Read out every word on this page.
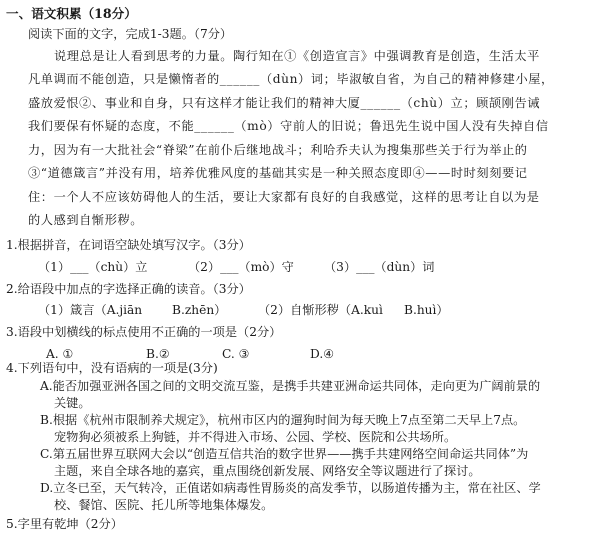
一、语文积累（18分）
阅读下面的文字，完成1-3题。（7分）
说理总是让人看到思考的力量。陶行知在①《创造宣言》中强调教育是创造，生活太平
凡单调而不能创造，只是懒惰者的______（dùn）词；毕淑敏自省，为自己的精神修建小屋，
盛放爱恨②、事业和自身，只有这样才能让我们的精神大厦______（chù）立；顾颉刚告诫
我们要保有怀疑的态度，不能______（mò）守前人的旧说；鲁迅先生说中国人没有失掉自信
力，因为有一大批社会“脊梁”在前仆后继地战斗；利哈乔夫认为搜集那些关于行为举止的
③“道德箴言”并没有用，培养优雅风度的基础其实是一种关照态度即④——时时刻刻要记
住：一个人不应该妨碍他人的生活，要让大家都有良好的自我感觉，这样的思考让自以为是
的人感到自惭形秽。
1.根据拼音，在词语空缺处填写汉字。（3分）
（1）___（chù）立	（2）___（mò）守 （3）___（dùn）词
2.给语段中加点的字选择正确的读音。（3分）
（1）箴言（A.jiān B.zhēn）	（2）自惭形秽（A.kuì B.huì）
3.语段中划横线的标点使用不正确的一项是（2分）
A. ①	B.②	C. ③	D.④
4.下列语句中，没有语病的一项是(3分)
A.能否加强亚洲各国之间的文明交流互鉴，是携手共建亚洲命运共同体，走向更为广阔前景的
关键。
B.根据《杭州市限制养犬规定》，杭州市区内的遛狗时间为每天晚上7点至第二天早上7点。
宠物狗必须被系上狗链，并不得进入市场、公园、学校、医院和公共场所。
C.第五届世界互联网大会以“创造互信共治的数字世界——携手共建网络空间命运共同体”为
主题，来自全球各地的嘉宾，重点围绕创新发展、网络安全等议题进行了探讨。
D.立冬已至，天气转冷，正值诺如病毒性胃肠炎的高发季节，以肠道传播为主，常在社区、学
校、餐馆、医院、托儿所等地集体爆发。
5.字里有乾坤（2分）
